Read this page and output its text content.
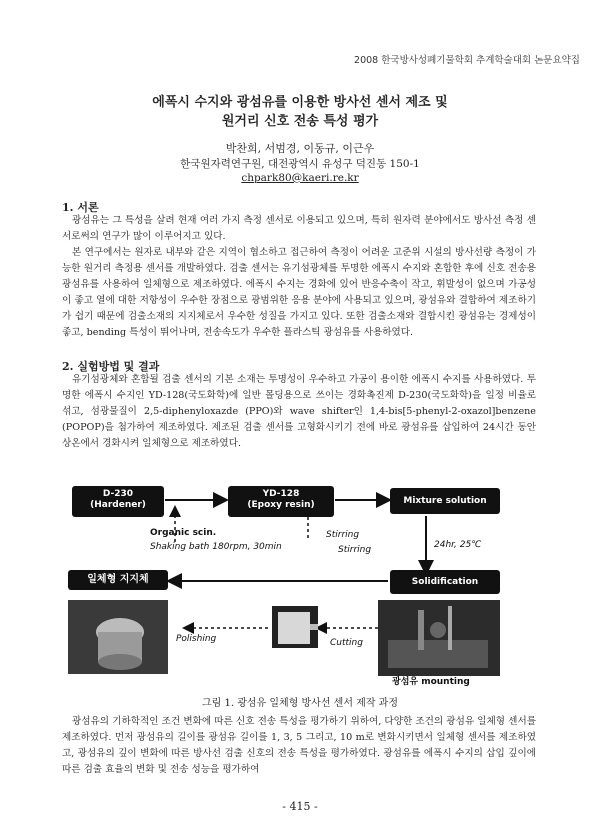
2008 한국방사성폐기물학회 추계학술대회 논문요약집
에폭시 수지와 광섬유를 이용한 방사선 센서 제조 및
원거리 신호 전송 특성 평가
박찬희, 서범경, 이동규, 이근우
한국원자력연구원, 대전광역시 유성구 덕진동 150-1
chpark80@kaeri.re.kr
1. 서론

광섬유는 그 특성을 살려 현재 여러 가지 측정 센서로 이용되고 있으며, 특히 원자력 분야에서도 방사선 측정 센서로써의 연구가 많이 이루어지고 있다.

본 연구에서는 원자로 내부와 같은 지역이 협소하고 접근하여 측정이 어려운 고준위 시설의 방사선량 측정이 가능한 원거리 측정용 센서를 개발하였다. 검출 센서는 유기섬광체를 투명한 에폭시 수지와 혼합한 후에 신호 전송용 광섬유를 사용하여 일체형으로 제조하였다. 에폭시 수지는 경화에 있어 반응수축이 작고, 휘발성이 없으며 가공성이 좋고 열에 대한 저항성이 우수한 장점으로 광범위한 응용 분야에 사용되고 있으며, 광섬유와 결합하여 제조하기가 쉽기 때문에 검출소재의 지지체로서 우수한 성질을 가지고 있다. 또한 검출소재와 결합시킨 광섬유는 경제성이 좋고, bending 특성이 뛰어나며, 전송속도가 우수한 플라스틱 광섬유를 사용하였다.

2. 실험방법 및 결과

유기섬광체와 혼합될 검출 센서의 기본 소재는 투명성이 우수하고 가공이 용이한 에폭시 수지를 사용하였다. 투명한 에폭시 수지인 YD-128(국도화학)에 일반 몰딩용으로 쓰이는 경화촉진제 D-230(국도화학)을 일정 비율로 섞고, 섬광물질이 2,5-diphenyloxazde (PPO)와 wave shifter인 1,4-bis[5-phenyl-2-oxazol]benzene (POPOP)을 첨가하여 제조하였다. 제조된 검출 센서를 고형화시키기 전에 바로 광섬유를 삽입하여 24시간 동안 상온에서 경화시켜 일체형으로 제조하였다.

D-230
(Hardener)
YD-128
(Epoxy resin)	Mixture solution
Solidification
일체형 지지체
Organic scin.
Shaking bath 180rpm, 30min
Stirring
Stirring	24hr, 25℃
Polishing	Cutting
광섬유 mounting
그림 1. 광섬유 일체형 방사선 센서 제작 과정

광섬유의 기하학적인 조건 변화에 따른 신호 전송 특성을 평가하기 위하여, 다양한 조건의 광섬유 일체형 센서를 제조하였다. 먼저 광섬유의 길이를 광섬유 길이를 1, 3, 5 그리고, 10 m로 변화시키면서 일체형 센서를 제조하였고, 광섬유의 깊이 변화에 따른 방사선 검출 신호의 전송 특성을 평가하였다. 광섬유를 에폭시 수지의 삽입 깊이에 따른 검출 효율의 변화 및 전송 성능을 평가하여

- 415 -
